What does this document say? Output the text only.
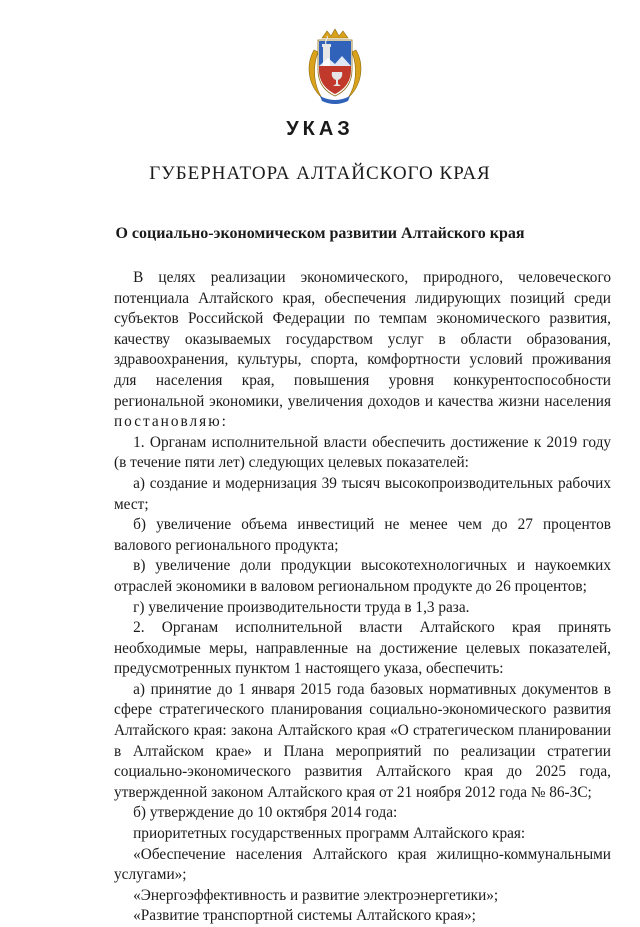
УКАЗ
ГУБЕРНАТОРА АЛТАЙСКОГО КРАЯ
О социально-экономическом развитии Алтайского края

В целях реализации экономического, природного, человеческого потенциала Алтайского края, обеспечения лидирующих позиций среди субъектов Российской Федерации по темпам экономического развития, качеству оказываемых государством услуг в области образования, здравоохранения, культуры, спорта, комфортности условий проживания для населения края, повышения уровня конкурентоспособности региональной экономики, увеличения доходов и качества жизни населения постановляю:

1. Органам исполнительной власти обеспечить достижение к 2019 году (в течение пяти лет) следующих целевых показателей:

а) создание и модернизация 39 тысяч высокопроизводительных рабочих мест;

б) увеличение объема инвестиций не менее чем до 27 процентов валового регионального продукта;

в) увеличение доли продукции высокотехнологичных и наукоемких отраслей экономики в валовом региональном продукте до 26 процентов;

г) увеличение производительности труда в 1,3 раза.

2. Органам исполнительной власти Алтайского края принять необходимые меры, направленные на достижение целевых показателей, предусмотренных пунктом 1 настоящего указа, обеспечить:

а) принятие до 1 января 2015 года базовых нормативных документов в сфере стратегического планирования социально-экономического развития Алтайского края: закона Алтайского края «О стратегическом планировании в Алтайском крае» и Плана мероприятий по реализации стратегии социально-экономического развития Алтайского края до 2025 года, утвержденной законом Алтайского края от 21 ноября 2012 года № 86-ЗС;

б) утверждение до 10 октября 2014 года:

приоритетных государственных программ Алтайского края:

«Обеспечение населения Алтайского края жилищно-коммунальными услугами»;

«Энергоэффективность и развитие электроэнергетики»;

«Развитие транспортной системы Алтайского края»;
